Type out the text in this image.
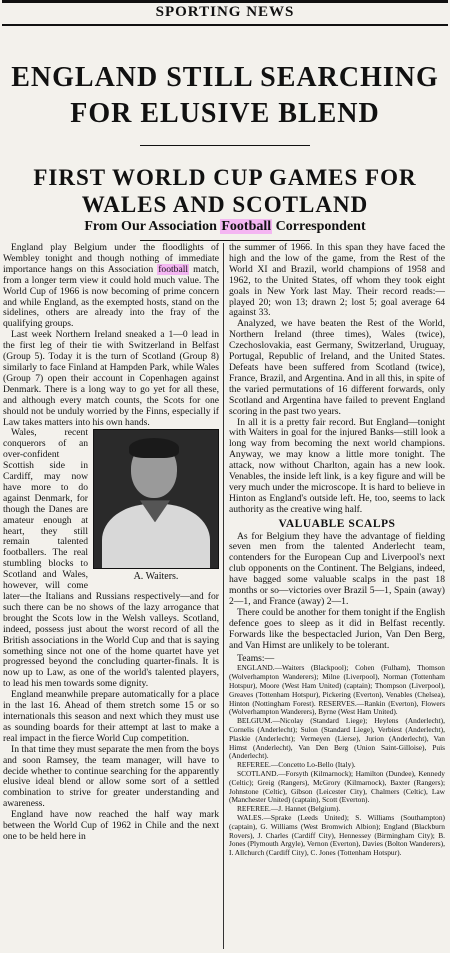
SPORTING NEWS
ENGLAND STILL SEARCHING
FOR ELUSIVE BLEND
FIRST WORLD CUP GAMES FOR
WALES AND SCOTLAND
From Our Association Football Correspondent

England play Belgium under the floodlights of Wembley tonight and though nothing of immediate importance hangs on this Association football match, from a longer term view it could hold much value. The World Cup of 1966 is now becoming of prime concern and while England, as the exempted hosts, stand on the sidelines, others are already into the fray of the qualifying groups.

Last week Northern Ireland sneaked a 1—0 lead in the first leg of their tie with Switzerland in Belfast (Group 5). Today it is the turn of Scotland (Group 8) similarly to face Finland at Hampden Park, while Wales (Group 7) open their account in Copenhagen against Denmark. There is a long way to go yet for all these, and although every match counts, the Scots for one should not be unduly worried by the Finns, especially if Law takes matters into his own hands.

A. Waiters.

Wales, recent conquerors of an over-confident Scottish side in Cardiff, may now have more to do against Denmark, for though the Danes are amateur enough at heart, they still remain talented footballers. The real stumbling blocks to Scotland and Wales, however, will come later—the Italians and Russians respectively—and for such there can be no shows of the lazy arrogance that brought the Scots low in the Welsh valleys. Scotland, indeed, possess just about the worst record of all the British associations in the World Cup and that is saying something since not one of the home quartet have yet progressed beyond the concluding quarter-finals. It is now up to Law, as one of the world's talented players, to lead his men towards some dignity.

England meanwhile prepare automatically for a place in the last 16. Ahead of them stretch some 15 or so internationals this season and next which they must use as sounding boards for their attempt at last to make a real impact in the fierce World Cup competition.

In that time they must separate the men from the boys and soon Ramsey, the team manager, will have to decide whether to continue searching for the apparently elusive ideal blend or allow some sort of a settled combination to strive for greater understanding and awareness.

England have now reached the half way mark between the World Cup of 1962 in Chile and the next one to be held here in

the summer of 1966. In this span they have faced the high and the low of the game, from the Rest of the World XI and Brazil, world champions of 1958 and 1962, to the United States, off whom they took eight goals in New York last May. Their record reads:—played 20; won 13; drawn 2; lost 5; goal average 64 against 33.

Analyzed, we have beaten the Rest of the World, Northern Ireland (three times), Wales (twice), Czechoslovakia, east Germany, Switzerland, Uruguay, Portugal, Republic of Ireland, and the United States. Defeats have been suffered from Scotland (twice), France, Brazil, and Argentina. And in all this, in spite of the varied permutations of 16 different forwards, only Scotland and Argentina have failed to prevent England scoring in the past two years.

In all it is a pretty fair record. But England—tonight with Waiters in goal for the injured Banks—still look a long way from becoming the next world champions. Anyway, we may know a little more tonight. The attack, now without Charlton, again has a new look. Venables, the inside left link, is a key figure and will be very much under the microscope. It is hard to believe in Hinton as England's outside left. He, too, seems to lack authority as the creative wing half.

VALUABLE SCALPS

As for Belgium they have the advantage of fielding seven men from the talented Anderlecht team, contenders for the European Cup and Liverpool's next club opponents on the Continent. The Belgians, indeed, have bagged some valuable scalps in the past 18 months or so—victories over Brazil 5—1, Spain (away) 2—1, and France (away) 2—1.

There could be another for them tonight if the English defence goes to sleep as it did in Belfast recently. Forwards like the bespectacled Jurion, Van Den Berg, and Van Himst are unlikely to be tolerant.

Teams:—

ENGLAND.—Waiters (Blackpool); Cohen (Fulham), Thomson (Wolverhampton Wanderers); Milne (Liverpool), Norman (Tottenham Hotspur), Moore (West Ham United) (captain); Thompson (Liverpool), Greaves (Tottenham Hotspur), Pickering (Everton), Venables (Chelsea), Hinton (Nottingham Forest). RESERVES.—Rankin (Everton), Flowers (Wolverhampton Wanderers), Byrne (West Ham United).

BELGIUM.—Nicolay (Standard Liege); Heylens (Anderlecht), Cornelis (Anderlecht); Sulon (Standard Liege), Verbiest (Anderlecht), Plaskie (Anderlecht); Vermeyen (Lierse), Jurion (Anderlecht), Van Himst (Anderlecht), Van Den Berg (Union Saint-Gilloise), Puis (Anderlecht).

REFEREE.—Concetto Lo-Bello (Italy).

SCOTLAND.—Forsyth (Kilmarnock); Hamilton (Dundee), Kennedy (Celtic); Greig (Rangers), McGrory (Kilmarnock), Baxter (Rangers); Johnstone (Celtic), Gibson (Leicester City), Chalmers (Celtic), Law (Manchester United) (captain), Scott (Everton).

REFEREE.—J. Hannet (Belgium).

WALES.—Sprake (Leeds United); S. Williams (Southampton) (captain), G. Williams (West Bromwich Albion); England (Blackburn Rovers), J. Charles (Cardiff City), Hennessey (Birmingham City); B. Jones (Plymouth Argyle), Vernon (Everton), Davies (Bolton Wanderers), I. Allchurch (Cardiff City), C. Jones (Tottenham Hotspur).
